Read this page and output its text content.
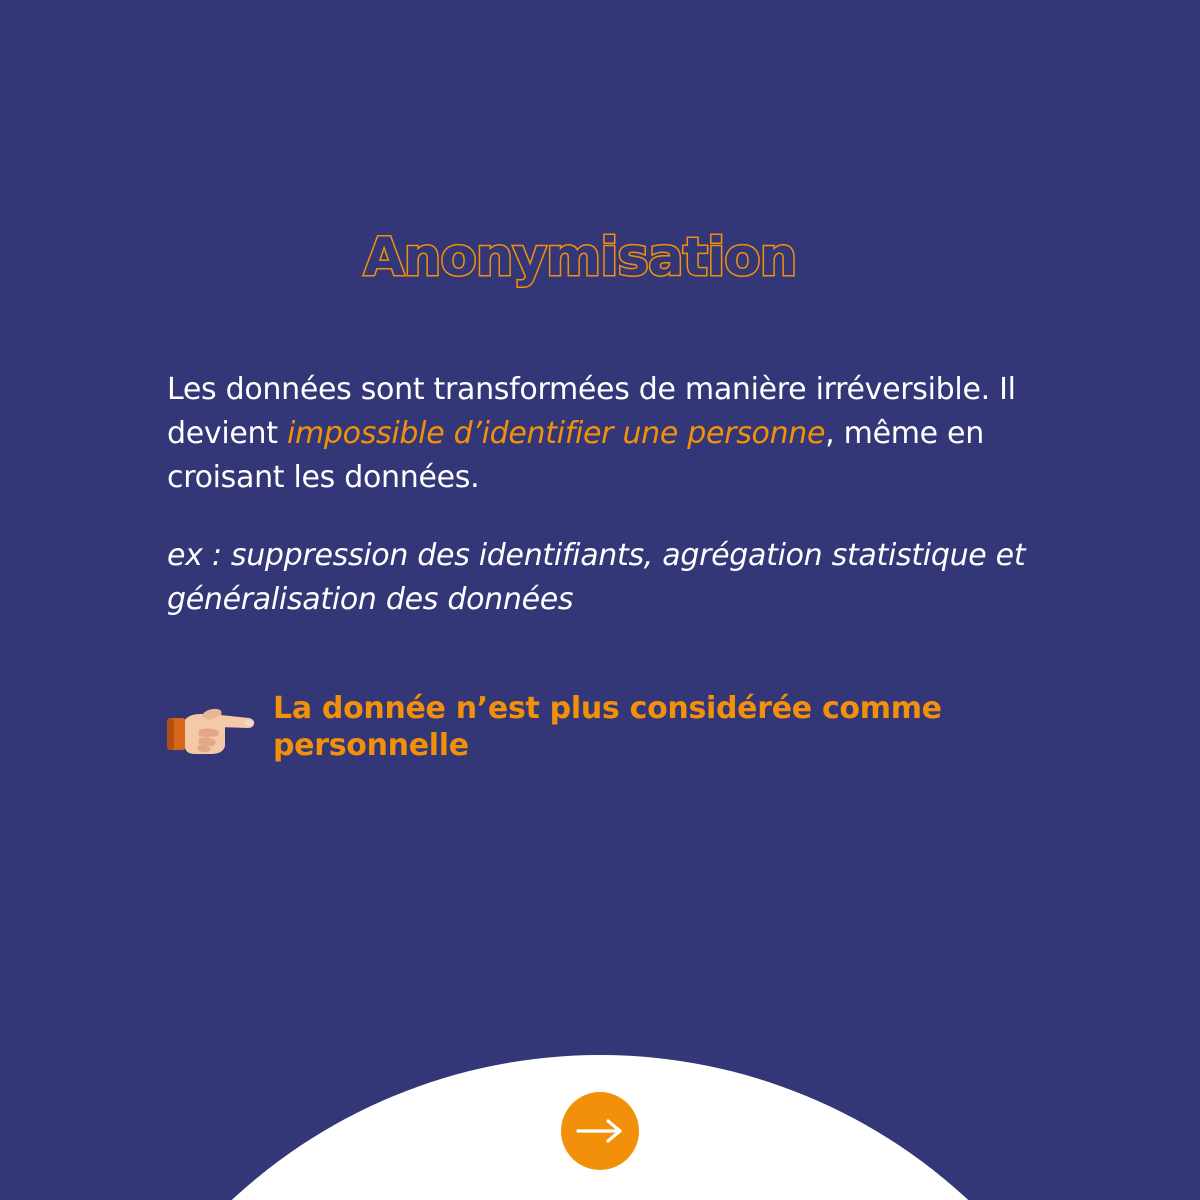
Anonymisation

Les données sont transformées de manière irréversible. Il devient impossible d’identifier une personne, même en croisant les données.

ex : suppression des identifiants, agrégation statistique et généralisation des données

La donnée n’est plus considérée comme personnelle
